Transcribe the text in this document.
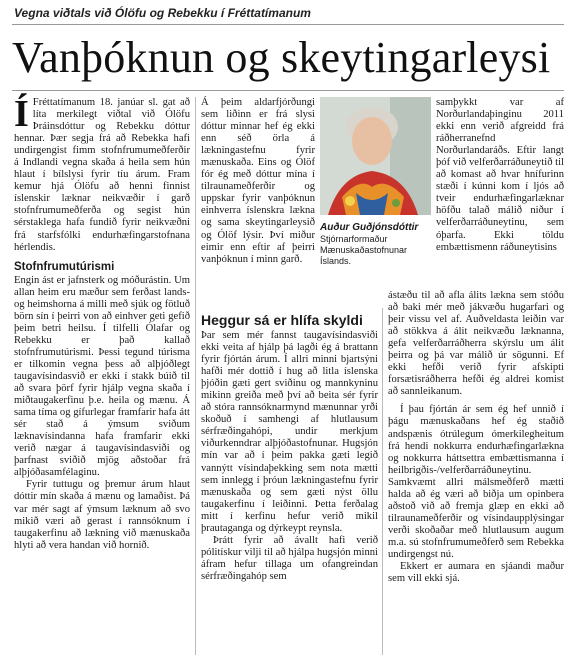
Vegna viðtals við Ólöfu og Rebekku í Fréttatímanum
Vanþóknun og skeytingarleysi

Í Fréttatímanum 18. janúar sl. gat að líta merkilegt viðtal við Ólöfu Þráinsdóttur og Rebekku dóttur hennar. Þær segja frá að Rebekka hafi undirgengist fimm stofnfrumumeðferðir á Indlandi vegna skaða á heila sem hún hlaut í bílslysi fyrir tíu árum. Fram kemur hjá Ólöfu að henni finnist íslenskir læknar neikvæðir í garð stofnfrumumeðferða og segist hún sérstaklega hafa fundið fyrir neikvæðni frá starfsfólki endurhæfingarstofnana hérlendis.

Stofnfrumutúrismi

Engin ást er jafnsterk og móðurástin. Um allan heim eru mæður sem ferðast lands- og heimshorna á milli með sjúk og fötluð börn sín í þeirri von að einhver geti gefið þeim betri heilsu. Í tilfelli Ólafar og Rebekku er það kallað stofnfrumutúrismi. Þessi tegund túrisma er tilkomin vegna þess að alþjóðlegt taugavísindasvið er ekki í stakk búið til að svara þörf fyrir hjálp vegna skaða í miðtaugakerfinu þ.e. heila og mænu. Á sama tíma og gífurlegar framfarir hafa átt sér stað á ýmsum sviðum læknavísindanna hafa framfarir ekki verið nægar á taugavísindasviði og þarfnast sviðið mjög aðstoðar frá alþjóðasamfélaginu.

Fyrir tuttugu og þremur árum hlaut dóttir mín skaða á mænu og lamaðist. Þá var mér sagt af ýmsum læknum að svo mikið væri að gerast í rannsóknum í taugakerfinu að lækning við mænuskaða hlyti að vera handan við hornið.

Á þeim aldarfjórðungi sem liðinn er frá slysi dóttur minnar hef ég ekki enn séð örla á lækningastefnu fyrir mænuskaða. Eins og Ólöf fór ég með dóttur mína í tilraunameðferðir og uppskar fyrir vanþóknun einhverra íslenskra lækna og sama skeytingarleysið og Ólöf lýsir. Því miður eimir enn eftir af þeirri vanþóknun í minn garð.

Heggur sá er hlífa skyldi

Þar sem mér fannst taugavísindasviði ekki veita af hjálp þá lagði ég á brattann fyrir fjórtán árum. Í allri minni bjartsýni hafði mér dottið í hug að litla íslenska þjóðin gæti gert sviðinu og mannkyninu mikinn greiða með því að beita sér fyrir að stóra rannsóknarmynd mænunnar yrði skoðuð í samhengi af hlutlausum sérfræðingahópi, undir merkjum viðurkenndrar alþjóðastofnunar. Hugsjón mín var að í þeim pakka gæti legið vannýtt vísindaþekking sem nota mætti sem innlegg í þróun lækningastefnu fyrir mænuskaða og sem gæti nýst öllu taugakerfinu í leiðinni. Þetta ferðalag mitt í kerfinu hefur verið mikil þrautaganga og dýrkeypt reynsla.

Þrátt fyrir að ávallt hafi verið pólitískur vilji til að hjálpa hugsjón minni áfram hefur tillaga um ofangreindan sérfræðingahóp sem

Auður Guðjónsdóttir
Stjórnarformaður Mænuskaðastofnunar Íslands.

samþykkt var af Norðurlandaþinginu 2011 ekki enn verið afgreidd frá ráðherranefnd Norðurlandaráðs. Eftir langt þóf við velferðarráðuneytið til að komast að hvar hnífurinn stæði í kúnni kom í ljós að tveir endurhæfingarlæknar höfðu talað málið niður í velferðarráðuneytinu, sem óþarfa. Ekki töldu embættismenn ráðuneytisins

ástæðu til að afla álits lækna sem stóðu að baki mér með jákvæðu hugarfari og þeir vissu vel af. Auðveldasta leiðin var að stökkva á álit neikvæðu læknanna, gefa velferðarráðherra skýrslu um álit þeirra og þá var málið úr sögunni. Ef ekki hefði verið fyrir afskipti forsætisráðherra hefði ég aldrei komist að sannleikanum.

Í þau fjórtán ár sem ég hef unnið í þágu mænuskaðans hef ég staðið andspænis ótrúlegum ómerkilegheitum frá hendi nokkurra endurhæfingarlækna og nokkurra háttsettra embættismanna í heilbrigðis-/velferðarráðuneytinu. Samkvæmt allri málsmeðferð mætti halda að ég væri að biðja um opinbera aðstoð við að fremja glæp en ekki að tilraunameðferðir og vísindaupplýsingar verði skoðaðar með hlutlausum augum m.a. sú stofnfrumumeðferð sem Rebekka undirgengst nú.

Ekkert er aumara en sjáandi maður sem vill ekki sjá.
